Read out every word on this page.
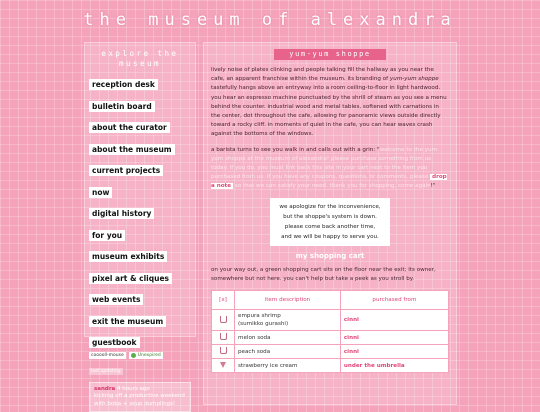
the museum of alexandra
explore the museum
reception desk
bulletin board
about the curator
about the museum
current projects
now
digital history
for you
museum exhibits
pixel art & cliques
web events
exit the museum
guestbook
cooooll-mouse	Unexpired
last updating
sandra 4 hours ago
kicking off a productive weekend with boba + soup dumplings!
yum-yum shoppe

lively noise of plates clinking and people talking fill the hallway as you near the cafe, an apparent franchise within the museum. its branding of yum-yum shoppe tastefully hangs above an entryway into a room ceiling-to-floor in light hardwood. you hear an espresso machine punctuated by the shrill of steam as you see a menu behind the counter. industrial wood and metal tables, softened with carnations in the center, dot throughout the cafe, allowing for panoramic views outside directly toward a rocky cliff. in moments of quiet in the cafe, you can hear waves crash against the bottoms of the windows.

a barista turns to see you walk in and calls out with a grin: "welcome to the yum-yum shoppe at the museum of alexandra! please purchase something from us today. if you do, you must link back this site in your cart next to the item you purchased from us. if you have any coupons, questions, or comments, please drop a note so that we can satisfy your need. thank you for shopping, come again!"

we apologize for the inconvenience,
but the shoppe's system is down.
please come back another time,
and we will be happy to serve you.
my shopping cart

on your way out, a green shopping cart sits on the floor near the exit; its owner, somewhere but not here. you can't help but take a peek as you stroll by.

[x]	item description	purchased from
	empura shrimp
(sumikko gurashi)	cinni
	melon soda	cinni
	peach soda	cinni
	strawberry ice cream	under the umbrella
